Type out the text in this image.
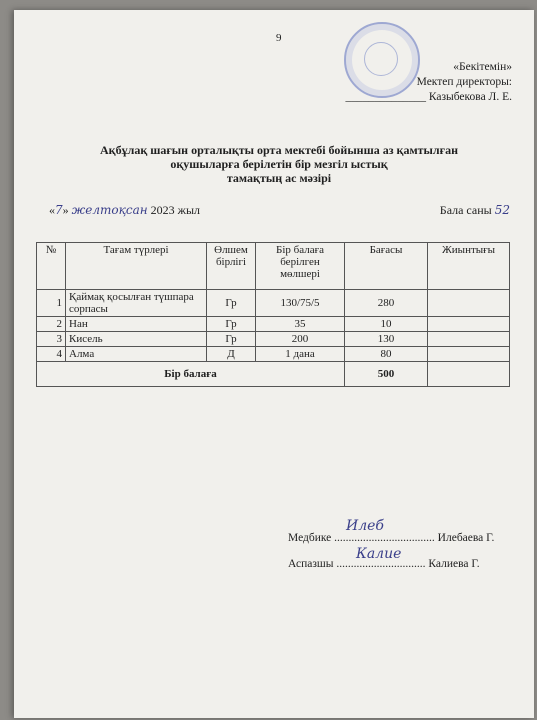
9
«Бекітемін»
Мектеп директоры:
______________ Казыбекова Л. Е.
Ақбұлақ шағын орталықты орта мектебі бойынша аз қамтылған
оқушыларға берілетін бір мезгіл ыстық
тамақтың ас мәзірі
«7» желтоқсан 2023 жыл	Бала саны 52
№	Тағам түрлері	Өлшем бірлігі	Бір балаға берілген мөлшері	Бағасы	Жиынтығы
1	Қаймақ қосылған түшпара сорпасы	Гр	130/75/5	280	
2	Нан	Гр	35	10	
3	Кисель	Гр	200	130	
4	Алма	Д	1 дана	80	
Бір балаға				500	
Медбике ................................... Илебаева Г.
Илеб
Аспазшы ............................... Калиева Г.
Калие
